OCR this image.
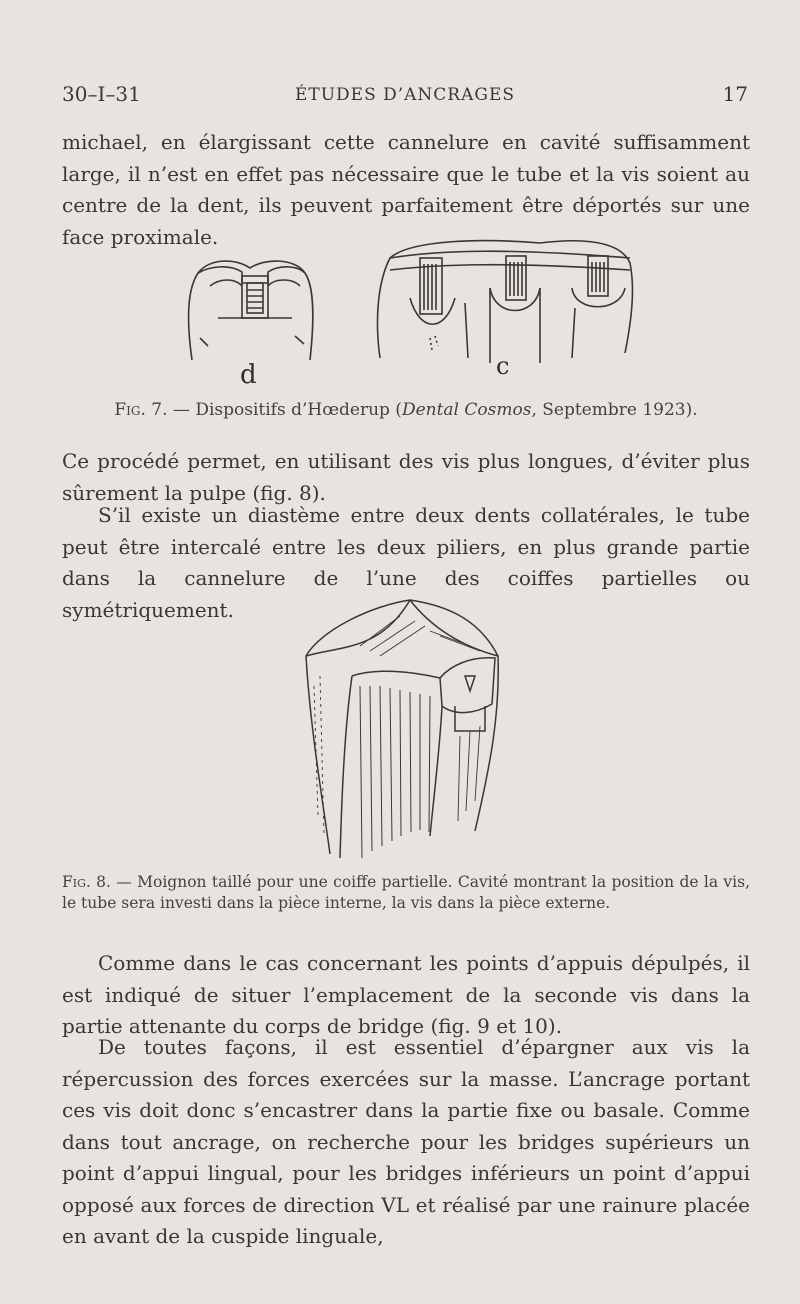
30–I–31	ÉTUDES D’ANCRAGES	17

michael, en élargissant cette cannelure en cavité suffisamment large, il n’est en effet pas nécessaire que le tube et la vis soient au centre de la dent, ils peuvent parfaitement être déportés sur une face proximale.

d	c
Fig. 7. — Dispositifs d’Hœderup (Dental Cosmos, Septembre 1923).

Ce procédé permet, en utilisant des vis plus longues, d’éviter plus sûrement la pulpe (fig. 8).

S’il existe un diastème entre deux dents collatérales, le tube peut être intercalé entre les deux piliers, en plus grande partie dans la cannelure de l’une des coiffes partielles ou symétriquement.

Fig. 8. — Moignon taillé pour une coiffe partielle. Cavité montrant la position de la vis, le tube sera investi dans la pièce interne, la vis dans la pièce externe.

Comme dans le cas concernant les points d’appuis dépulpés, il est indiqué de situer l’emplacement de la seconde vis dans la partie attenante du corps de bridge (fig. 9 et 10).

De toutes façons, il est essentiel d’épargner aux vis la répercussion des forces exercées sur la masse. L’ancrage portant ces vis doit donc s’encastrer dans la partie fixe ou basale. Comme dans tout ancrage, on recherche pour les bridges supérieurs un point d’appui lingual, pour les bridges inférieurs un point d’appui opposé aux forces de direction VL et réalisé par une rainure placée en avant de la cuspide linguale,
